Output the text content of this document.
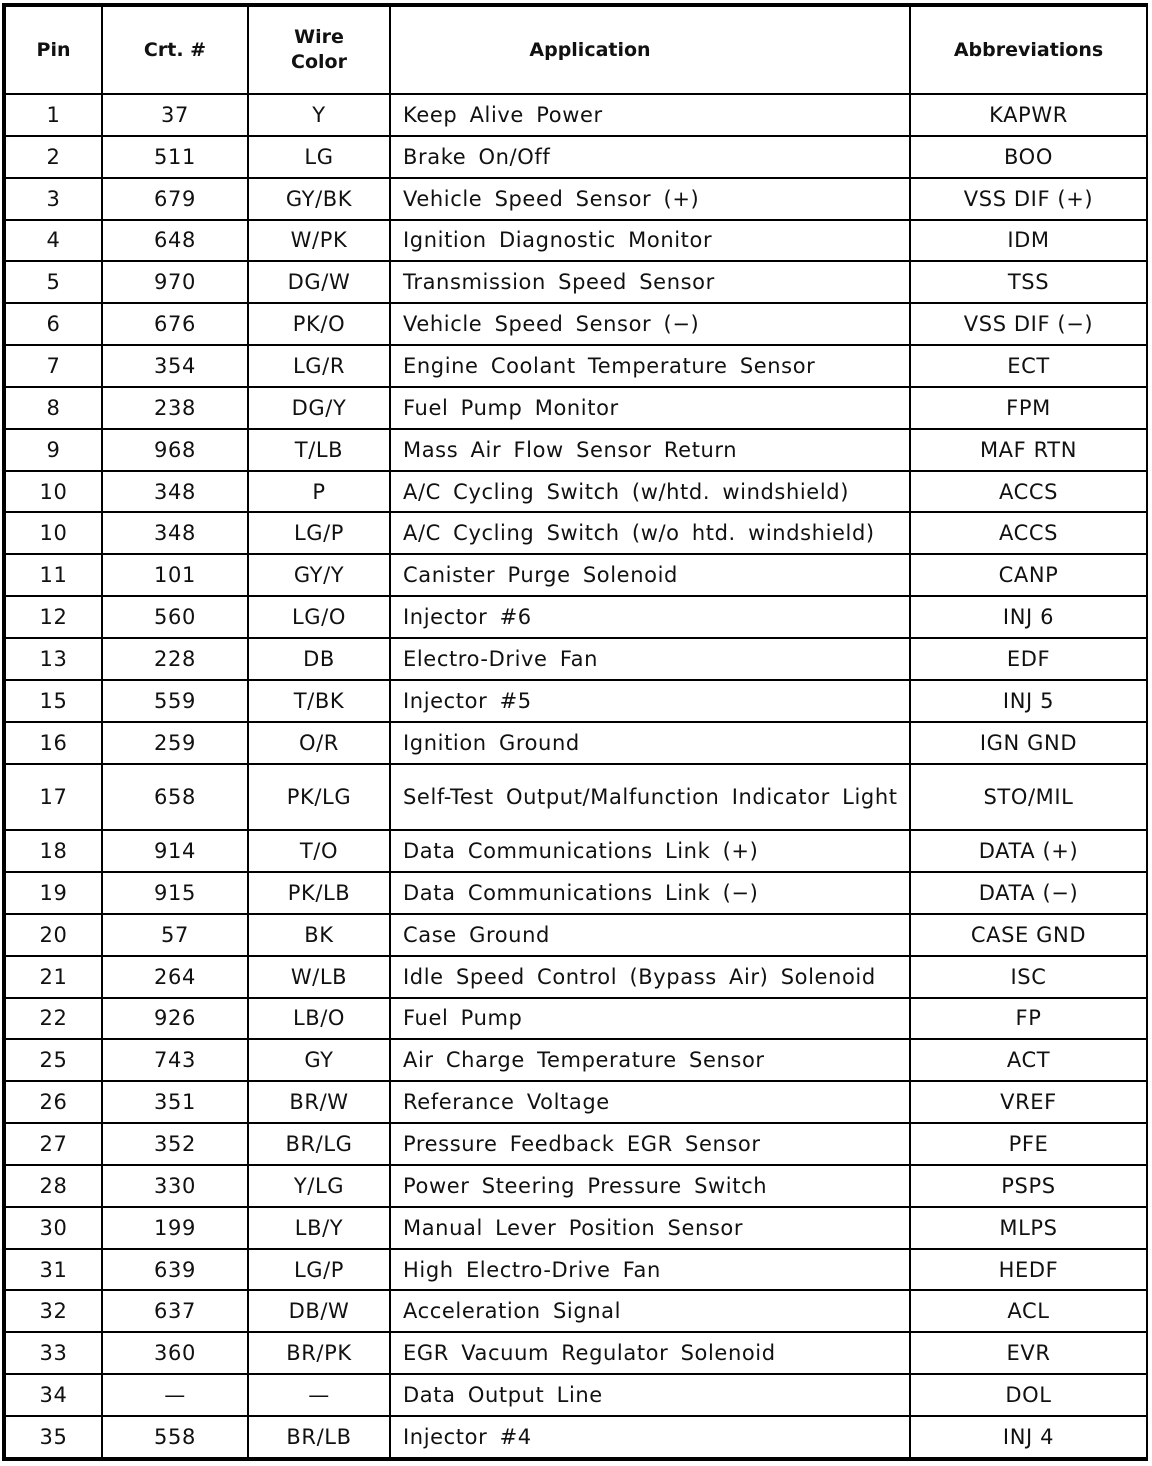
Pin	Crt. #	Wire Color	Application	Abbreviations
1	37	Y	Keep Alive Power	KAPWR
2	511	LG	Brake On/Off	BOO
3	679	GY/BK	Vehicle Speed Sensor (+)	VSS DIF (+)
4	648	W/PK	Ignition Diagnostic Monitor	IDM
5	970	DG/W	Transmission Speed Sensor	TSS
6	676	PK/O	Vehicle Speed Sensor (−)	VSS DIF (−)
7	354	LG/R	Engine Coolant Temperature Sensor	ECT
8	238	DG/Y	Fuel Pump Monitor	FPM
9	968	T/LB	Mass Air Flow Sensor Return	MAF RTN
10	348	P	A/C Cycling Switch (w/htd. windshield)	ACCS
10	348	LG/P	A/C Cycling Switch (w/o htd. windshield)	ACCS
11	101	GY/Y	Canister Purge Solenoid	CANP
12	560	LG/O	Injector #6	INJ 6
13	228	DB	Electro-Drive Fan	EDF
15	559	T/BK	Injector #5	INJ 5
16	259	O/R	Ignition Ground	IGN GND
17	658	PK/LG	Self-Test Output/Malfunction Indicator Light	STO/MIL
18	914	T/O	Data Communications Link (+)	DATA (+)
19	915	PK/LB	Data Communications Link (−)	DATA (−)
20	57	BK	Case Ground	CASE GND
21	264	W/LB	Idle Speed Control (Bypass Air) Solenoid	ISC
22	926	LB/O	Fuel Pump	FP
25	743	GY	Air Charge Temperature Sensor	ACT
26	351	BR/W	Referance Voltage	VREF
27	352	BR/LG	Pressure Feedback EGR Sensor	PFE
28	330	Y/LG	Power Steering Pressure Switch	PSPS
30	199	LB/Y	Manual Lever Position Sensor	MLPS
31	639	LG/P	High Electro-Drive Fan	HEDF
32	637	DB/W	Acceleration Signal	ACL
33	360	BR/PK	EGR Vacuum Regulator Solenoid	EVR
34	—	—	Data Output Line	DOL
35	558	BR/LB	Injector #4	INJ 4
